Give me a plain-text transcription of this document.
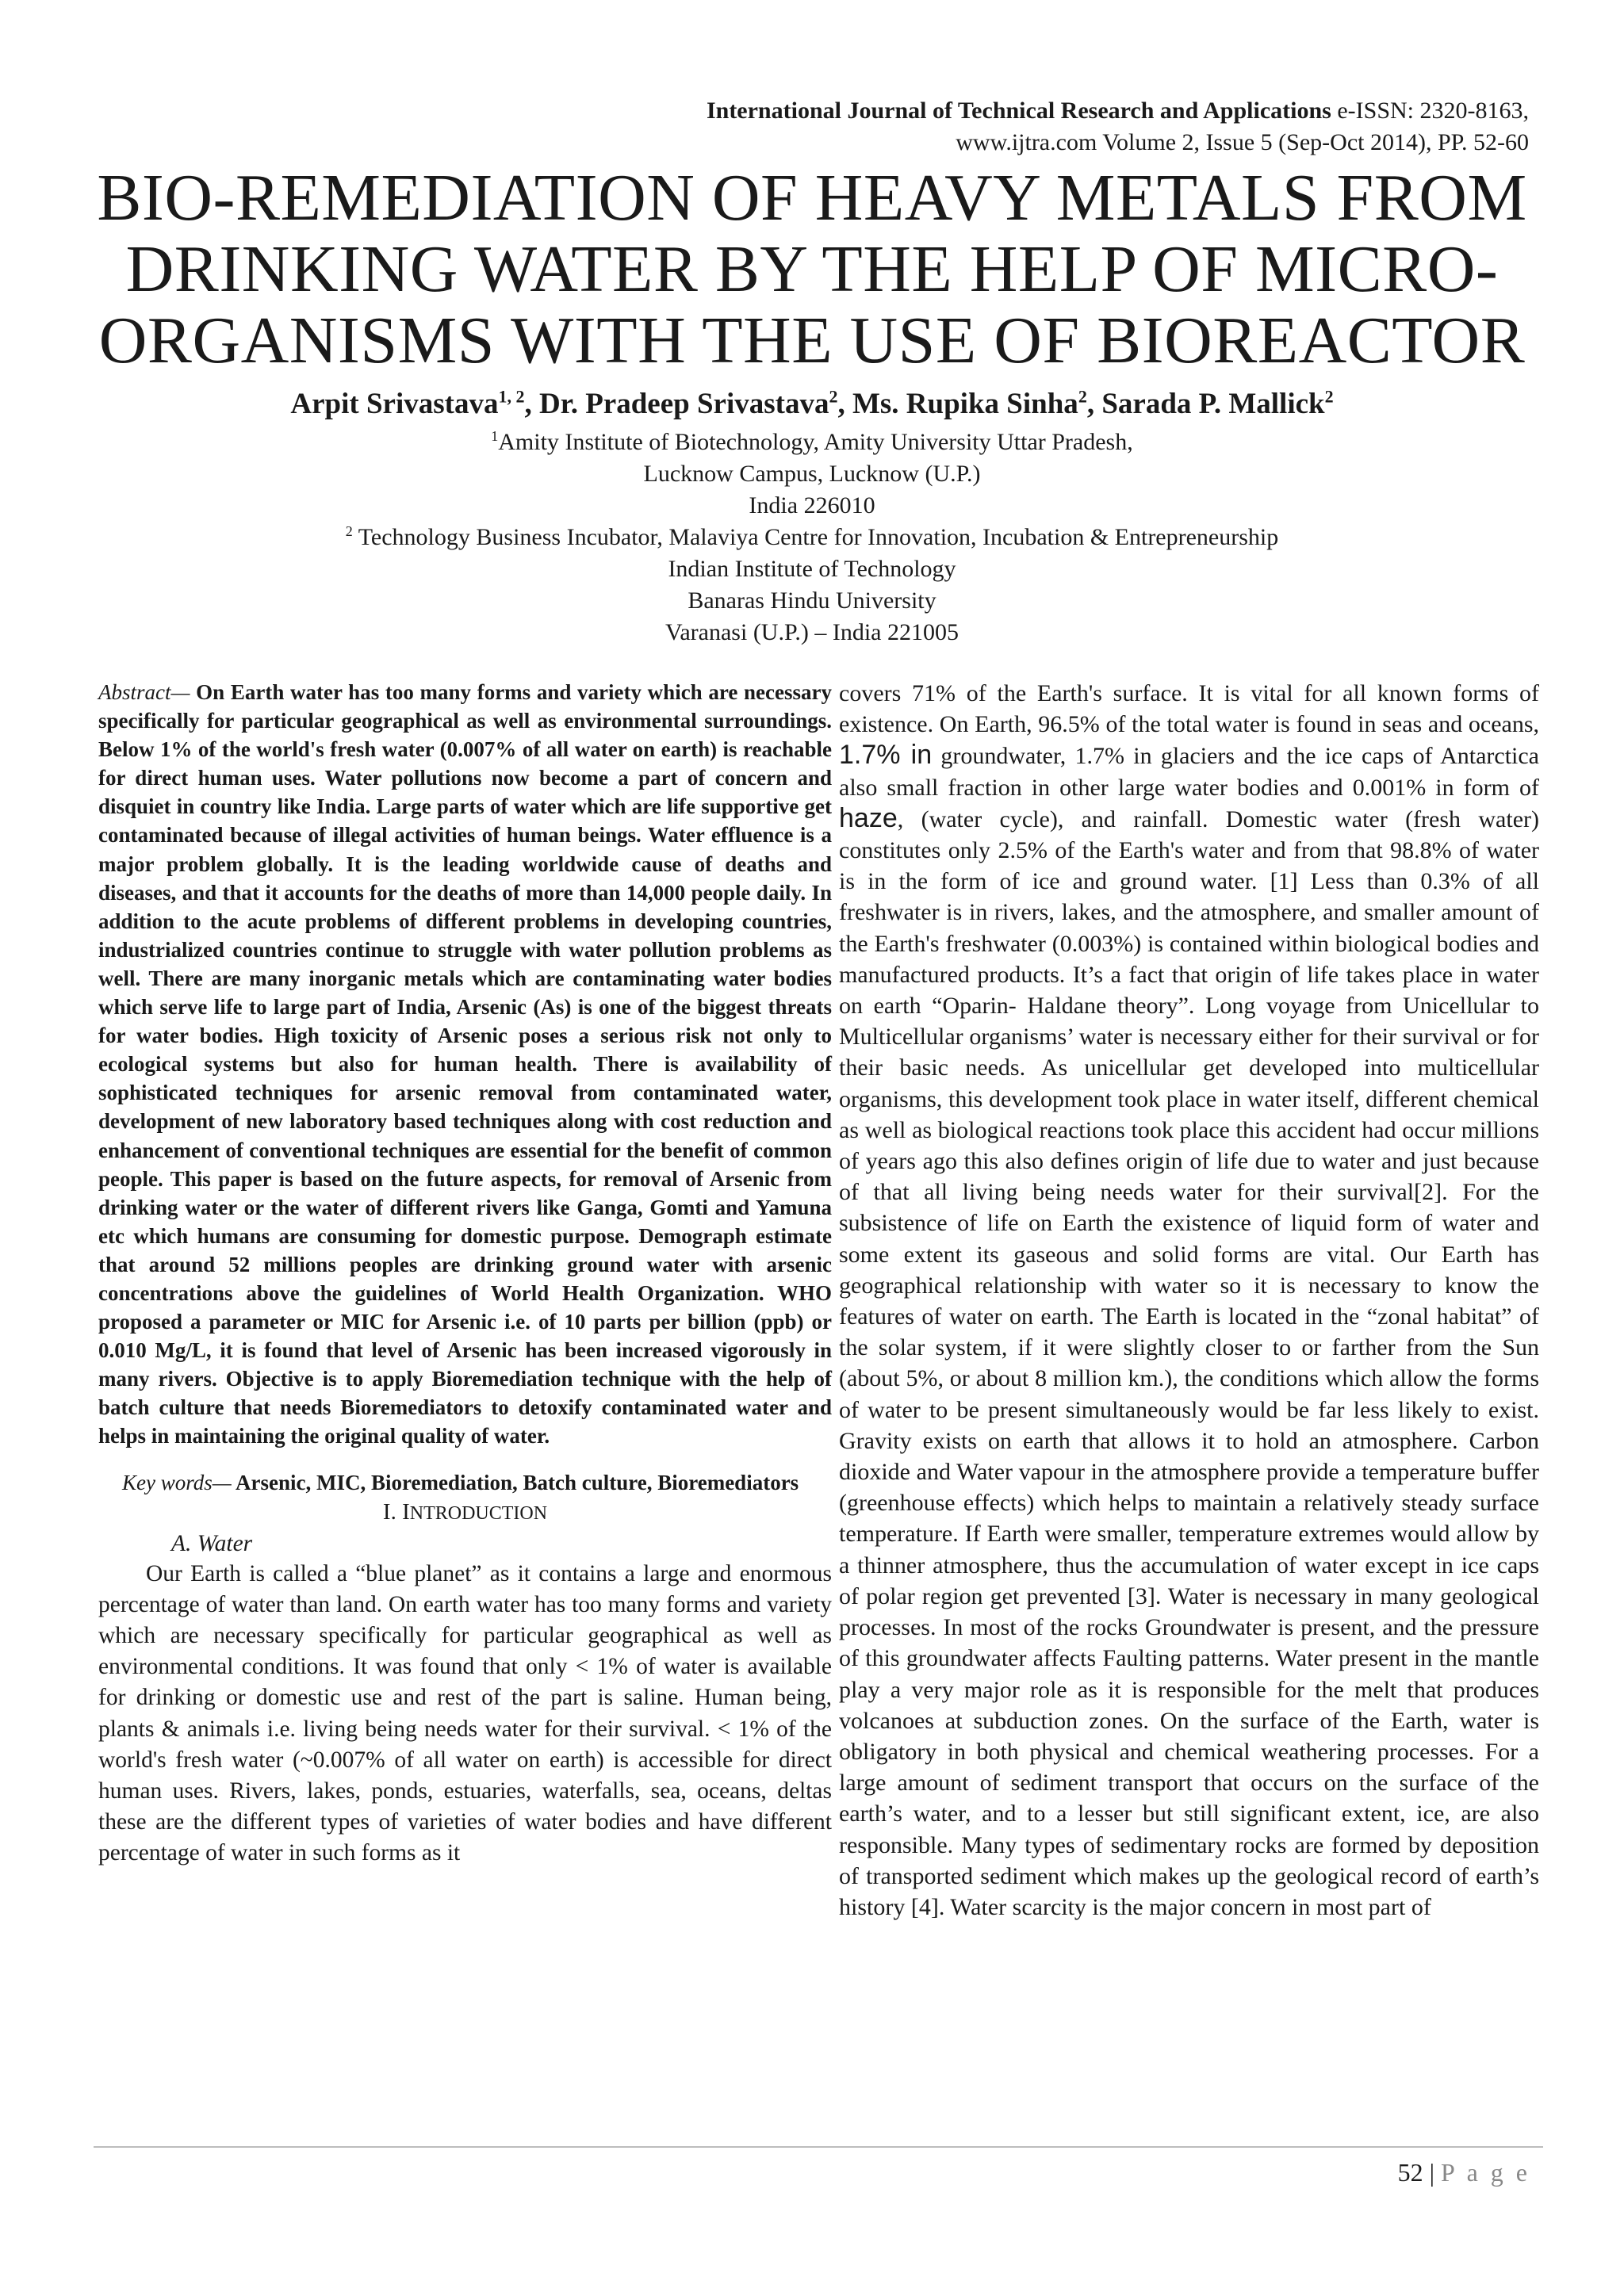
International Journal of Technical Research and Applications e-ISSN: 2320-8163,
www.ijtra.com Volume 2, Issue 5 (Sep-Oct 2014), PP. 52-60
BIO-REMEDIATION OF HEAVY METALS FROM
DRINKING WATER BY THE HELP OF MICRO-
ORGANISMS WITH THE USE OF BIOREACTOR
Arpit Srivastava$^{1, 2}$, Dr. Pradeep Srivastava$^2$, Ms. Rupika Sinha$^2$, Sarada P. Mallick$^2$
$^1$Amity Institute of Biotechnology, Amity University Uttar Pradesh,
Lucknow Campus, Lucknow (U.P.)
India 226010
$^2$ Technology Business Incubator, Malaviya Centre for Innovation, Incubation & Entrepreneurship
Indian Institute of Technology
Banaras Hindu University
Varanasi (U.P.) – India 221005

Abstract— On Earth water has too many forms and variety which are necessary specifically for particular geographical as well as environmental surroundings. Below 1% of the world's fresh water (0.007% of all water on earth) is reachable for direct human uses. Water pollutions now become a part of concern and disquiet in country like India. Large parts of water which are life supportive get contaminated because of illegal activities of human beings. Water effluence is a major problem globally. It is the leading worldwide cause of deaths and diseases, and that it accounts for the deaths of more than 14,000 people daily. In addition to the acute problems of different problems in developing countries, industrialized countries continue to struggle with water pollution problems as well. There are many inorganic metals which are contaminating water bodies which serve life to large part of India, Arsenic (As) is one of the biggest threats for water bodies. High toxicity of Arsenic poses a serious risk not only to ecological systems but also for human health. There is availability of sophisticated techniques for arsenic removal from contaminated water, development of new laboratory based techniques along with cost reduction and enhancement of conventional techniques are essential for the benefit of common people. This paper is based on the future aspects, for removal of Arsenic from drinking water or the water of different rivers like Ganga, Gomti and Yamuna etc which humans are consuming for domestic purpose. Demograph estimate that around 52 millions peoples are drinking ground water with arsenic concentrations above the guidelines of World Health Organization. WHO proposed a parameter or MIC for Arsenic i.e. of 10 parts per billion (ppb) or 0.010 Mg/L, it is found that level of Arsenic has been increased vigorously in many rivers. Objective is to apply Bioremediation technique with the help of batch culture that needs Bioremediators to detoxify contaminated water and helps in maintaining the original quality of water.

Key words— Arsenic, MIC, Bioremediation, Batch culture, Bioremediators

I. INTRODUCTION

A. Water

Our Earth is called a “blue planet” as it contains a large and enormous percentage of water than land. On earth water has too many forms and variety which are necessary specifically for particular geographical as well as environmental conditions. It was found that only < 1% of water is available for drinking or domestic use and rest of the part is saline. Human being, plants & animals i.e. living being needs water for their survival. < 1% of the world's fresh water (~0.007% of all water on earth) is accessible for direct human uses. Rivers, lakes, ponds, estuaries, waterfalls, sea, oceans, deltas these are the different types of varieties of water bodies and have different percentage of water in such forms as it

covers 71% of the Earth's surface. It is vital for all known forms of existence. On Earth, 96.5% of the total water is found in seas and oceans, 1.7% in groundwater, 1.7% in glaciers and the ice caps of Antarctica also small fraction in other large water bodies and 0.001% in form of haze, (water cycle), and rainfall. Domestic water (fresh water) constitutes only 2.5% of the Earth's water and from that 98.8% of water is in the form of ice and ground water. [1] Less than 0.3% of all freshwater is in rivers, lakes, and the atmosphere, and smaller amount of the Earth's freshwater (0.003%) is contained within biological bodies and manufactured products. It’s a fact that origin of life takes place in water on earth “Oparin- Haldane theory”. Long voyage from Unicellular to Multicellular organisms’ water is necessary either for their survival or for their basic needs. As unicellular get developed into multicellular organisms, this development took place in water itself, different chemical as well as biological reactions took place this accident had occur millions of years ago this also defines origin of life due to water and just because of that all living being needs water for their survival[2]. For the subsistence of life on Earth the existence of liquid form of water and some extent its gaseous and solid forms are vital. Our Earth has geographical relationship with water so it is necessary to know the features of water on earth. The Earth is located in the “zonal habitat” of the solar system, if it were slightly closer to or farther from the Sun (about 5%, or about 8 million km.), the conditions which allow the forms of water to be present simultaneously would be far less likely to exist. Gravity exists on earth that allows it to hold an atmosphere. Carbon dioxide and Water vapour in the atmosphere provide a temperature buffer (greenhouse effects) which helps to maintain a relatively steady surface temperature. If Earth were smaller, temperature extremes would allow by a thinner atmosphere, thus the accumulation of water except in ice caps of polar region get prevented [3]. Water is necessary in many geological processes. In most of the rocks Groundwater is present, and the pressure of this groundwater affects Faulting patterns. Water present in the mantle play a very major role as it is responsible for the melt that produces volcanoes at subduction zones. On the surface of the Earth, water is obligatory in both physical and chemical weathering processes. For a large amount of sediment transport that occurs on the surface of the earth’s water, and to a lesser but still significant extent, ice, are also responsible. Many types of sedimentary rocks are formed by deposition of transported sediment which makes up the geological record of earth’s history [4]. Water scarcity is the major concern in most part of

52 | P a g e
